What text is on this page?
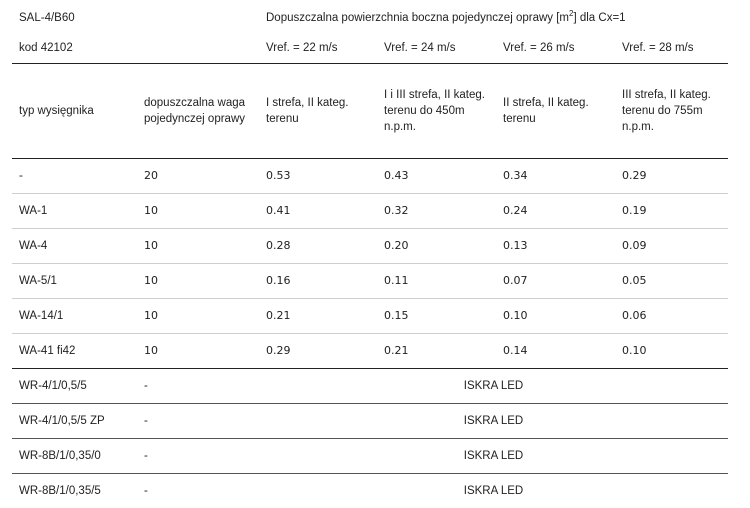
SAL-4/B60		Dopuszczalna powierzchnia boczna pojedynczej oprawy $[m^2]$ dla Cx=1			
kod 42102		Vref. = 22 m/s	Vref. = 24 m/s	Vref. = 26 m/s	Vref. = 28 m/s
typ wysięgnika	dopuszczalna waga pojedynczej oprawy	I strefa, II kateg. terenu	I i III strefa, II kateg. terenu do 450m n.p.m.	II strefa, II kateg. terenu	III strefa, II kateg. terenu do 755m n.p.m.
-	20	0.53	0.43	0.34	0.29
WA-1	10	0.41	0.32	0.24	0.19
WA-4	10	0.28	0.20	0.13	0.09
WA-5/1	10	0.16	0.11	0.07	0.05
WA-14/1	10	0.21	0.15	0.10	0.06
WA-41 fi42	10	0.29	0.21	0.14	0.10
WR-4/1/0,5/5	-	ISKRA LED			
WR-4/1/0,5/5 ZP	-	ISKRA LED			
WR-8B/1/0,35/0	-	ISKRA LED			
WR-8B/1/0,35/5	-	ISKRA LED			
